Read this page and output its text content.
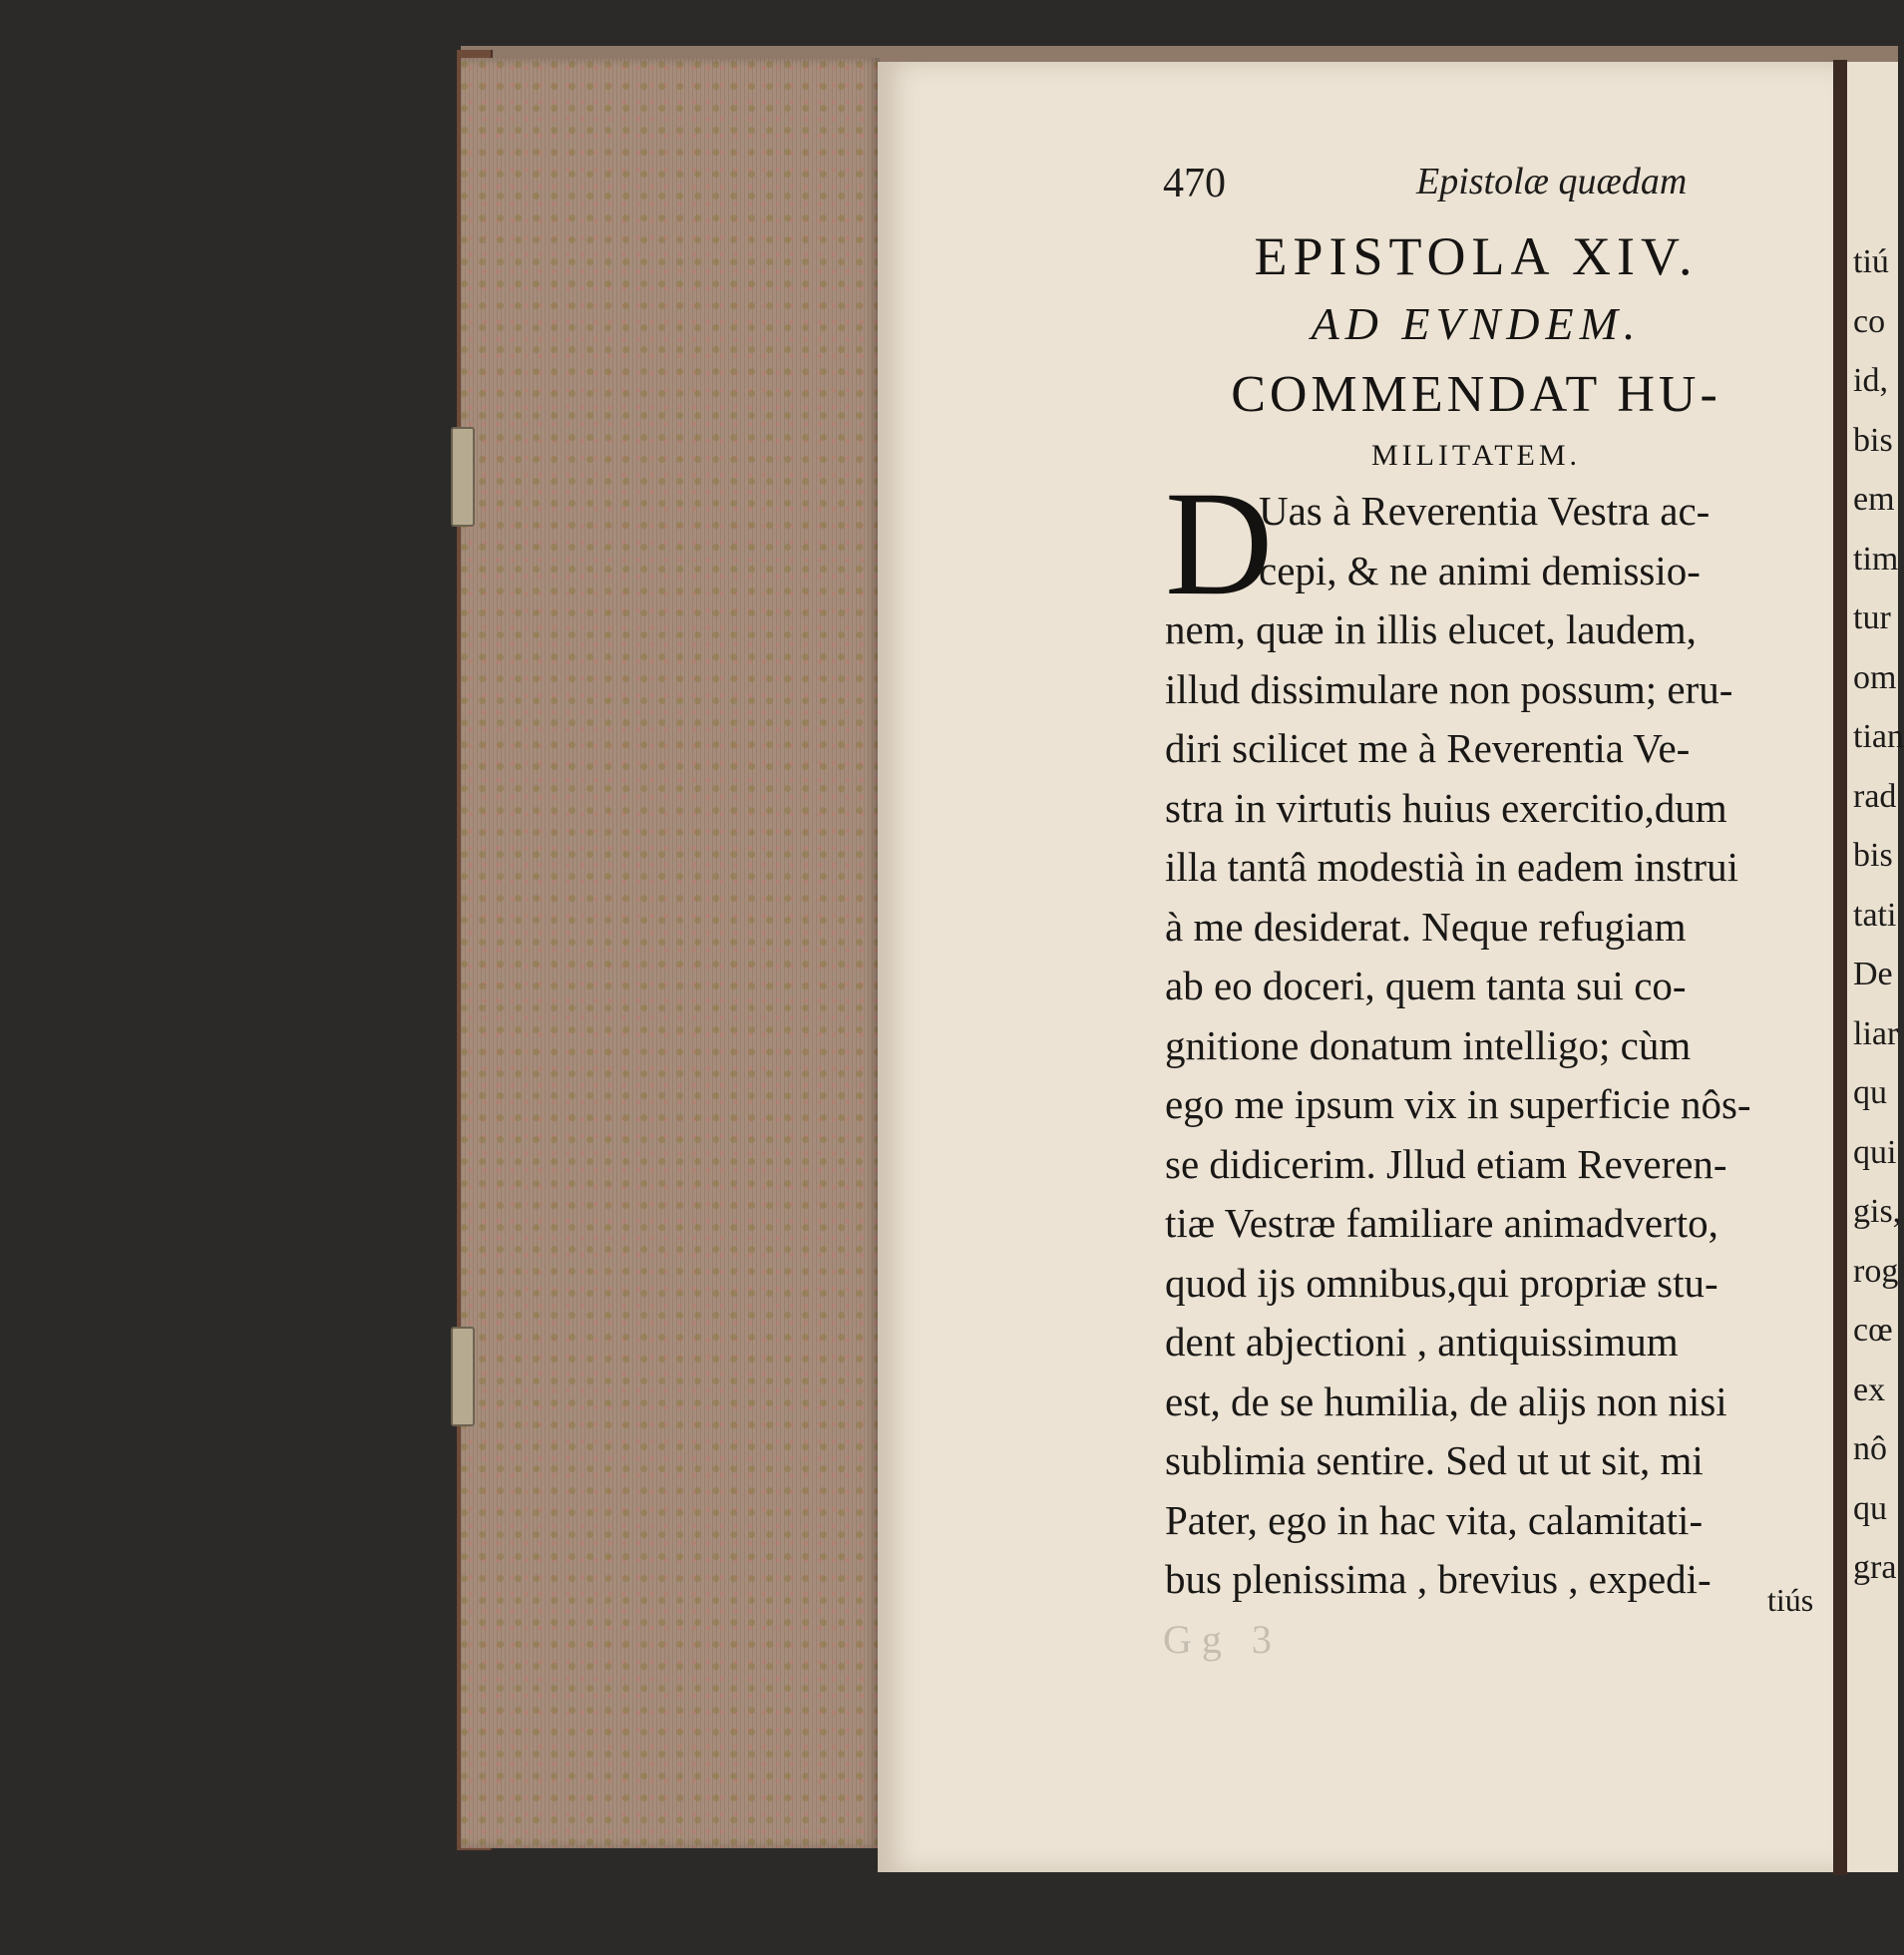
tiú
co
id,
bis
em
tim
tur
om
tian
rad
bis
tati
De
liar
qu
qui
gis,
rog
cœ
ex
nô
qu
gra
470	Epistolæ quædam
EPISTOLA XIV.
AD EVNDEM.
COMMENDAT HU-
MILITATEM.
D
Uas à Reverentia Vestra ac-
cepi, & ne animi demissio-
nem, quæ in illis elucet, laudem,
illud dissimulare non possum; eru-
diri scilicet me à Reverentia Ve-
stra in virtutis huius exercitio,dum
illa tantâ modestià in eadem instrui
à me desiderat. Neque refugiam
ab eo doceri, quem tanta sui co-
gnitione donatum intelligo; cùm
ego me ipsum vix in superficie nôs-
se didicerim. Jllud etiam Reveren-
tiæ Vestræ familiare animadverto,
quod ijs omnibus,qui propriæ stu-
dent abjectioni , antiquissimum
est, de se humilia, de alijs non nisi
sublimia sentire. Sed ut ut sit, mi
Pater, ego in hac vita, calamitati-
bus plenissima , brevius , expedi-	tiús
Gg 3
